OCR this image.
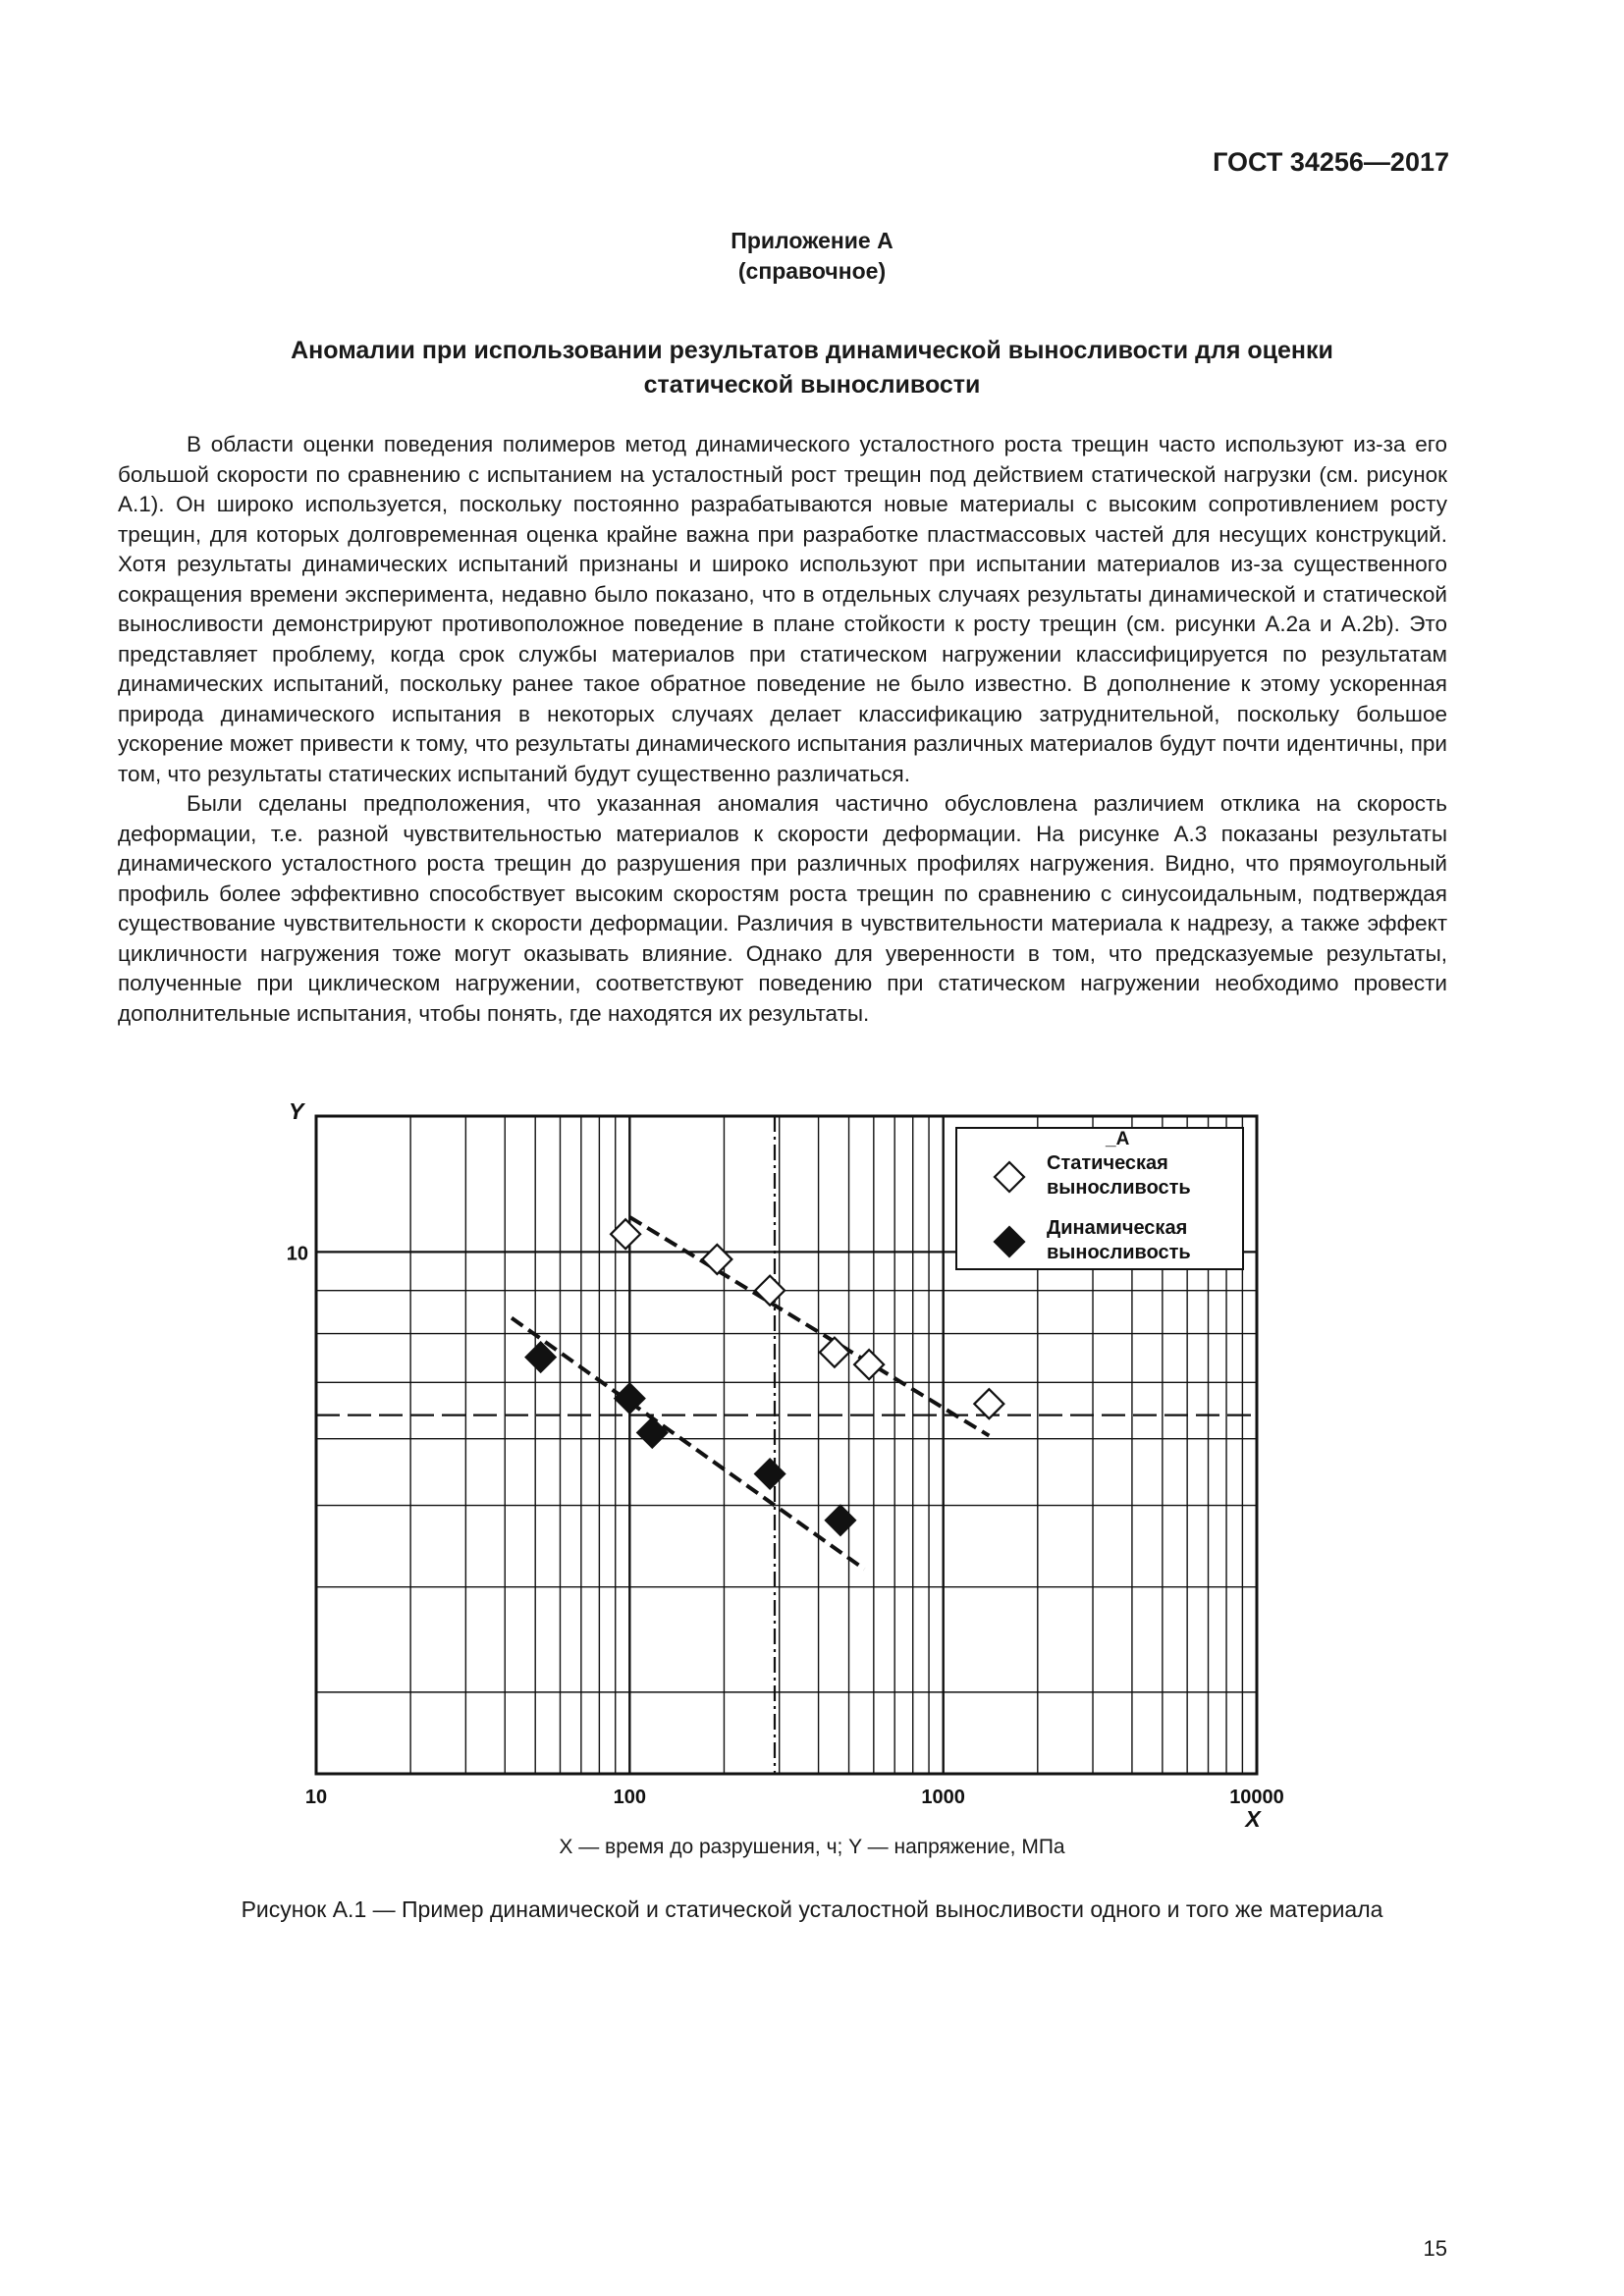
ГОСТ 34256—2017
Приложение А
(справочное)
Аномалии при использовании результатов динамической выносливости для оценки
статической выносливости

В области оценки поведения полимеров метод динамического усталостного роста трещин часто используют из-за его большой скорости по сравнению с испытанием на усталостный рост трещин под действием статической нагрузки (см. рисунок А.1). Он широко используется, поскольку постоянно разрабатываются новые материалы с высоким сопротивлением росту трещин, для которых долговременная оценка крайне важна при разработке пластмассовых частей для несущих конструкций. Хотя результаты динамических испытаний признаны и широко используют при испытании материалов из-за существенного сокращения времени эксперимента, недавно было показано, что в отдельных случаях результаты динамической и статической выносливости демонстрируют противоположное поведение в плане стойкости к росту трещин (см. рисунки А.2а и А.2b). Это представляет проблему, когда срок службы материалов при статическом нагружении классифицируется по результатам динамических испытаний, поскольку ранее такое обратное поведение не было известно. В дополнение к этому ускоренная природа динамического испытания в некоторых случаях делает классификацию затруднительной, поскольку большое ускорение может привести к тому, что результаты динамического испытания различных материалов будут почти идентичны, при том, что результаты статических испытаний будут существенно различаться.

Были сделаны предположения, что указанная аномалия частично обусловлена различием отклика на скорость деформации, т.е. разной чувствительностью материалов к скорости деформации. На рисунке А.3 показаны результаты динамического усталостного роста трещин до разрушения при различных профилях нагружения. Видно, что прямоугольный профиль более эффективно способствует высоким скоростям роста трещин по сравнению с синусоидальным, подтверждая существование чувствительности к скорости деформации. Различия в чувствительности материала к надрезу, а также эффект цикличности нагружения тоже могут оказывать влияние. Однако для уверенности в том, что предсказуемые результаты, полученные при циклическом нагружении, соответствуют поведению при статическом нагружении необходимо провести дополнительные испытания, чтобы понять, где находятся их результаты.

_A
Статическая
выносливость
Динамическая
выносливость
Y
10
10	100	1000	10000
X
X — время до разрушения, ч; Y — напряжение, МПа
Рисунок А.1 — Пример динамической и статической усталостной выносливости одного и того же материала
15
